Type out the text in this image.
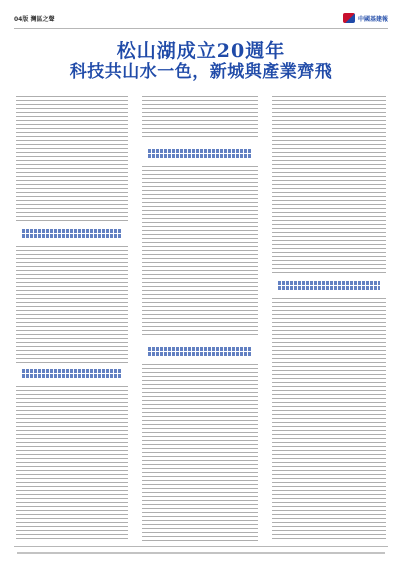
04版 灣區之聲	中國基建報
松山湖成立20週年
科技共山水一色，新城與產業齊飛
